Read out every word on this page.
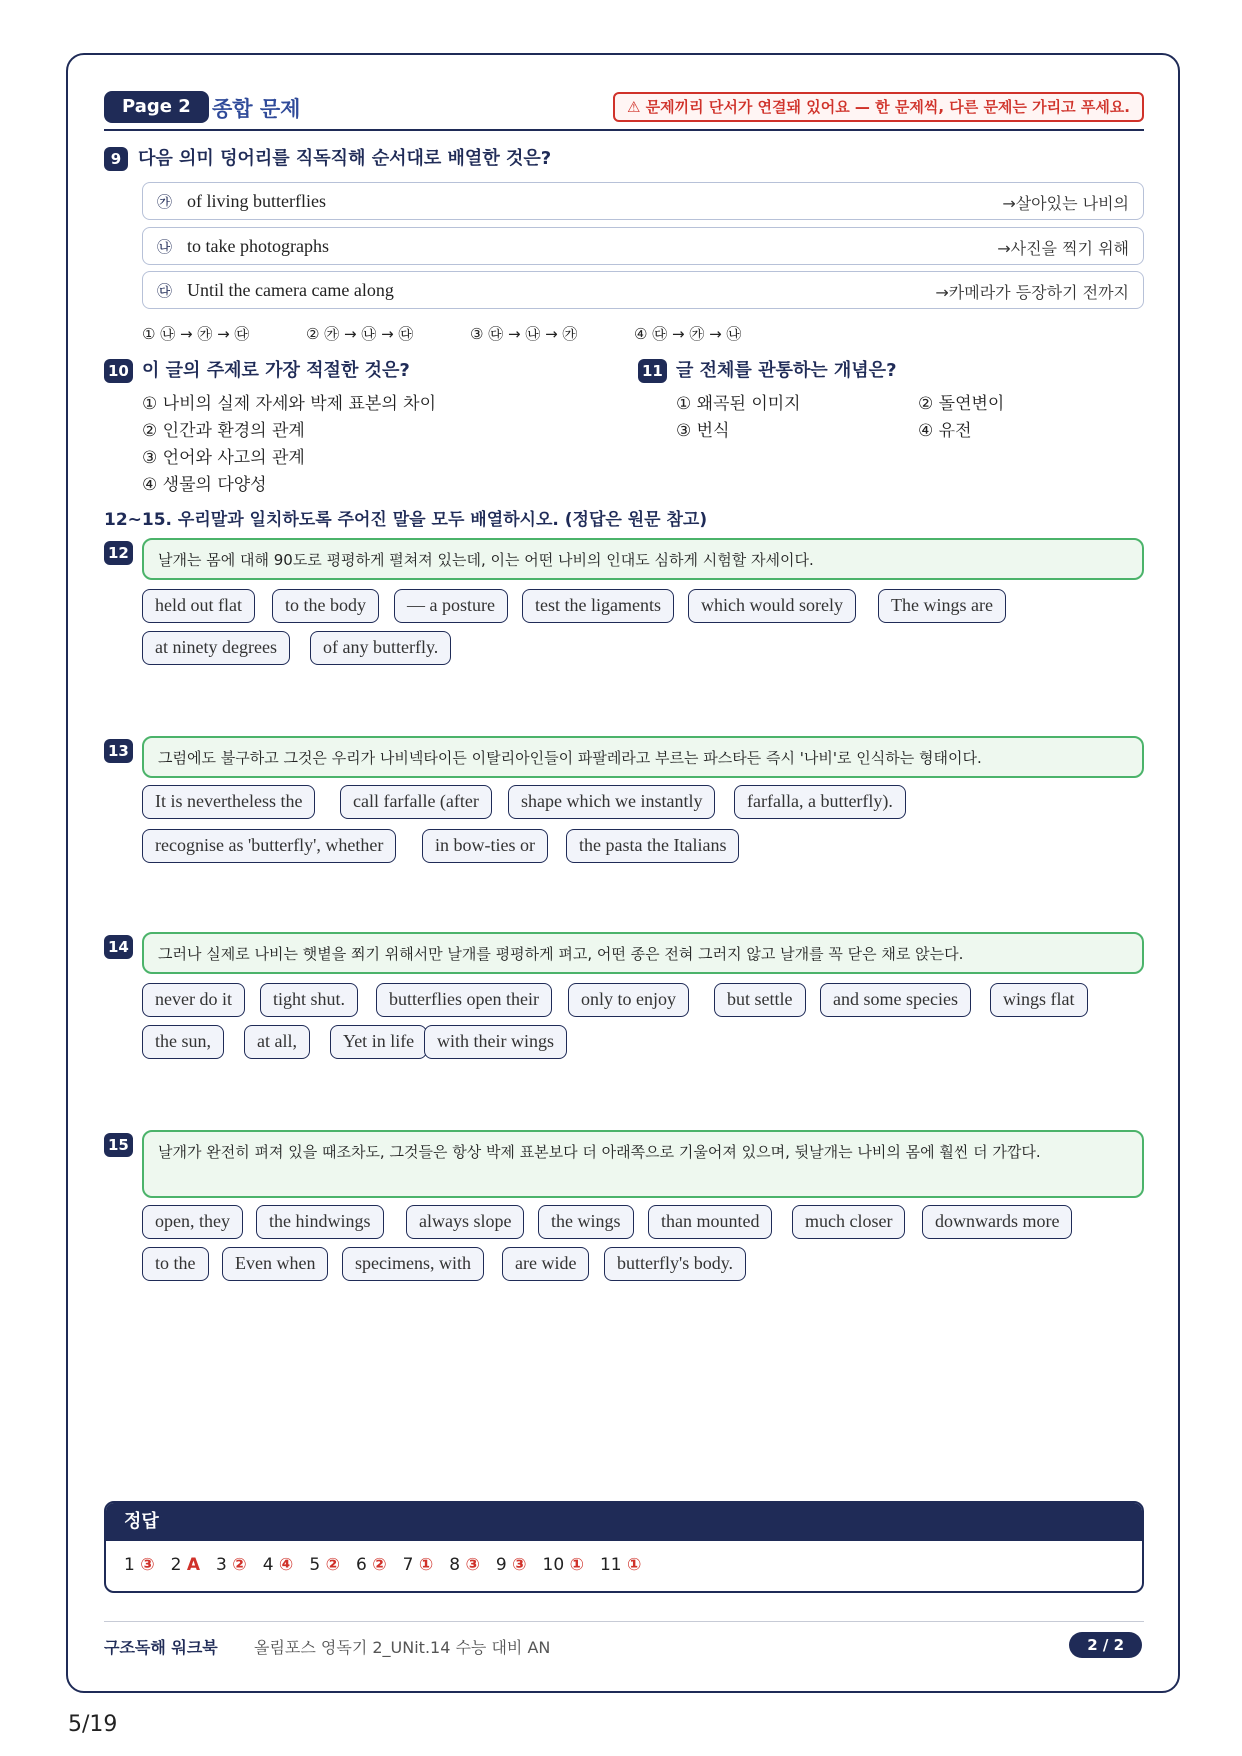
Page 2	종합 문제	⚠ 문제끼리 단서가 연결돼 있어요 — 한 문제씩, 다른 문제는 가리고 푸세요.
9 다음 의미 덩어리를 직독직해 순서대로 배열한 것은?
㉮ of living butterflies	→살아있는 나비의
㉯ to take photographs	→사진을 찍기 위해
㉰ Until the camera came along	→카메라가 등장하기 전까지
① ㉯ → ㉮ → ㉰	② ㉮ → ㉯ → ㉰	③ ㉰ → ㉯ → ㉮	④ ㉰ → ㉮ → ㉯
10 이 글의 주제로 가장 적절한 것은?
① 나비의 실제 자세와 박제 표본의 차이
② 인간과 환경의 관계
③ 언어와 사고의 관계
④ 생물의 다양성
11 글 전체를 관통하는 개념은?
① 왜곡된 이미지	② 돌연변이
③ 번식	④ 유전
12~15. 우리말과 일치하도록 주어진 말을 모두 배열하시오. (정답은 원문 참고)
12	날개는 몸에 대해 90도로 평평하게 펼쳐져 있는데, 이는 어떤 나비의 인대도 심하게 시험할 자세이다.
held out flat	to the body	— a posture	test the ligaments	which would sorely	The wings are
at ninety degrees	of any butterfly.
13	그럼에도 불구하고 그것은 우리가 나비넥타이든 이탈리아인들이 파팔레라고 부르는 파스타든 즉시 '나비'로 인식하는 형태이다.
It is nevertheless the	call farfalle (after	shape which we instantly	farfalla, a butterfly).
recognise as 'butterfly', whether	in bow-ties or	the pasta the Italians
14	그러나 실제로 나비는 햇볕을 쬐기 위해서만 날개를 평평하게 펴고, 어떤 종은 전혀 그러지 않고 날개를 꼭 닫은 채로 앉는다.
never do it	tight shut.	butterflies open their	only to enjoy	but settle	and some species	wings flat
the sun,	at all,	Yet in life	with their wings
15	날개가 완전히 펴져 있을 때조차도, 그것들은 항상 박제 표본보다 더 아래쪽으로 기울어져 있으며, 뒷날개는 나비의 몸에 훨씬 더 가깝다.
open, they	the hindwings	always slope	the wings	than mounted	much closer	downwards more
to the	Even when	specimens, with	are wide	butterfly's body.
정답
1 ③ 2 A 3 ② 4 ④ 5 ② 6 ② 7 ① 8 ③ 9 ③ 10 ① 11 ①
구조독해 워크북 올림포스 영독기 2_UNit.14 수능 대비 AN	2 / 2
5/19
